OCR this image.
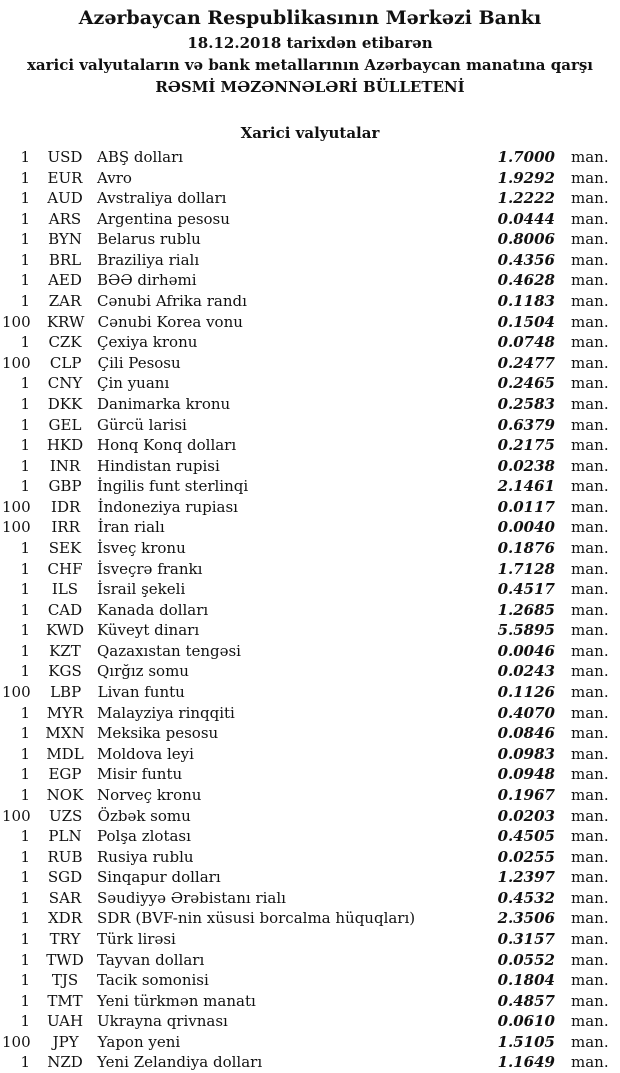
Azərbaycan Respublikasının Mərkəzi Bankı
18.12.2018 tarixdən etibarən
xarici valyutaların və bank metallarının Azərbaycan manatına qarşı
RƏSMİ MƏZƏNNƏLƏRİ BÜLLETENİ
Xarici valyutalar
1	USD ABŞ dolları	1.7000	man.
1	EUR Avro	1.9292	man.
1	AUD Avstraliya dolları	1.2222	man.
1	ARS	Argentina pesosu	0.0444	man.
1	BYN	Belarus rublu	0.8006	man.
1	BRL	Braziliya rialı	0.4356	man.
1	AED	BƏƏ dirhəmi	0.4628	man.
1	ZAR	Cənubi Afrika randı	0.1183	man.
100	KRW Cənubi Korea vonu	0.1504	man.
1	CZK	Çexiya kronu	0.0748	man.
100	CLP	Çili Pesosu	0.2477	man.
1	CNY Çin yuanı	0.2465	man.
1	DKK Danimarka kronu	0.2583	man.
1	GEL	Gürcü larisi	0.6379	man.
1	HKD Honq Konq dolları	0.2175	man.
1	INR	Hindistan rupisi	0.0238	man.
1	GBP	İngilis funt sterlinqi	2.1461	man.
100	IDR	İndoneziya rupiası	0.0117	man.
100	IRR	İran rialı	0.0040	man.
1	SEK	İsveç kronu	0.1876	man.
1	CHF İsveçrə frankı	1.7128	man.
1	ILS	İsrail şekeli	0.4517	man.
1	CAD Kanada dolları	1.2685	man.
1	KWD Küveyt dinarı	5.5895	man.
1	KZT	Qazaxıstan tengəsi	0.0046	man.
1	KGS	Qırğız somu	0.0243	man.
100	LBP	Livan funtu	0.1126	man.
1	MYR Malayziya rinqqiti	0.4070	man.
1	MXN Meksika pesosu	0.0846	man.
1	MDL Moldova leyi	0.0983	man.
1	EGP	Misir funtu	0.0948	man.
1	NOK Norveç kronu	0.1967	man.
100	UZS	Özbək somu	0.0203	man.
1	PLN	Polşa zlotası	0.4505	man.
1	RUB Rusiya rublu	0.0255	man.
1	SGD Sinqapur dolları	1.2397	man.
1	SAR	Səudiyyə Ərəbistanı rialı	0.4532	man.
1	XDR	SDR (BVF-nin xüsusi borcalma hüquqları)	2.3506	man.
1	TRY	Türk lirəsi	0.3157	man.
1	TWD Tayvan dolları	0.0552	man.
1	TJS	Tacik somonisi	0.1804	man.
1	TMT Yeni türkmən manatı	0.4857	man.
1	UAH Ukrayna qrivnası	0.0610	man.
100	JPY	Yapon yeni	1.5105	man.
1	NZD Yeni Zelandiya dolları	1.1649	man.
